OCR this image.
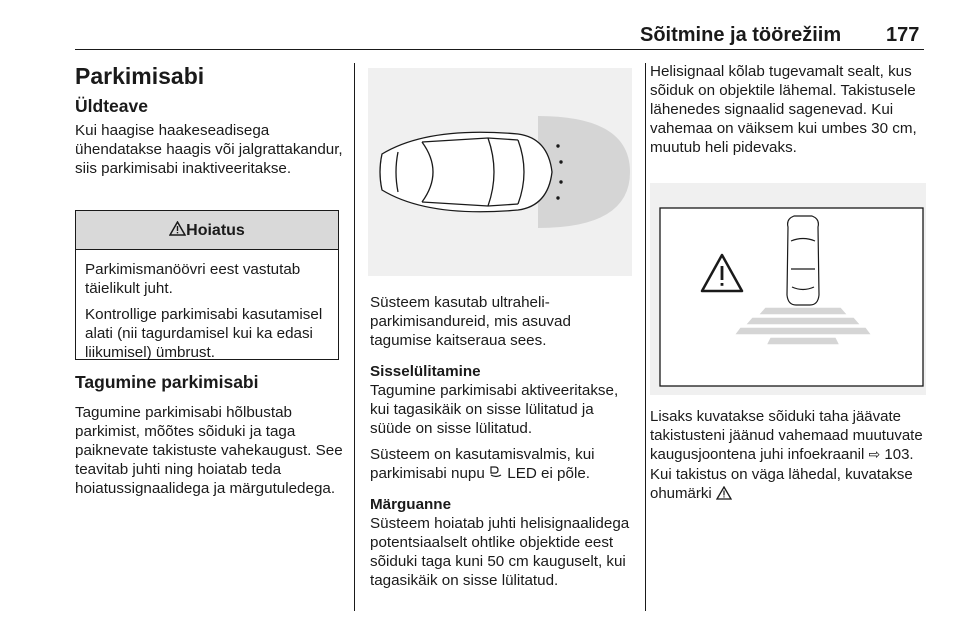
Sõitmine ja töörežiim 177
Parkimisabi
Üldteave

Kui haagise haakeseadisega ühendatakse haagis või jalgrattakandur, siis parkimisabi inaktiveeritakse.

Hoiatus

Parkimismanöövri eest vastutab täielikult juht.

Kontrollige parkimisabi kasutamisel alati (nii tagurdamisel kui ka edasi liikumisel) ümbrust.

Tagumine parkimisabi

Tagumine parkimisabi hõlbustab parkimist, mõõtes sõiduki ja taga paiknevate takistuste vahekaugust. See teavitab juhti ning hoiatab teda hoiatussignaalidega ja märgutuledega.

Süsteem kasutab ultraheliparkimisandureid, mis asuvad tagumise kaitseraua sees.

Sisselülitamine

Tagumine parkimisabi aktiveeritakse, kui tagasikäik on sisse lülitatud ja süüde on sisse lülitatud.

Süsteem on kasutamisvalmis, kui parkimisabi nupu  LED ei põle.

Märguanne

Süsteem hoiatab juhti helisignaalidega potentsiaalselt ohtlike objektide eest sõiduki taga kuni 50 cm kauguselt, kui tagasikäik on sisse lülitatud.

Helisignaal kõlab tugevamalt sealt, kus sõiduk on objektile lähemal. Takistusele lähenedes signaalid sagenevad. Kui vahemaa on väiksem kui umbes 30 cm, muutub heli pidevaks.

Lisaks kuvatakse sõiduki taha jäävate takistusteni jäänud vahemaad muutuvate kaugusjoontena juhi infoekraanil ⇨ 103. Kui takistus on väga lähedal, kuvatakse ohumärki
